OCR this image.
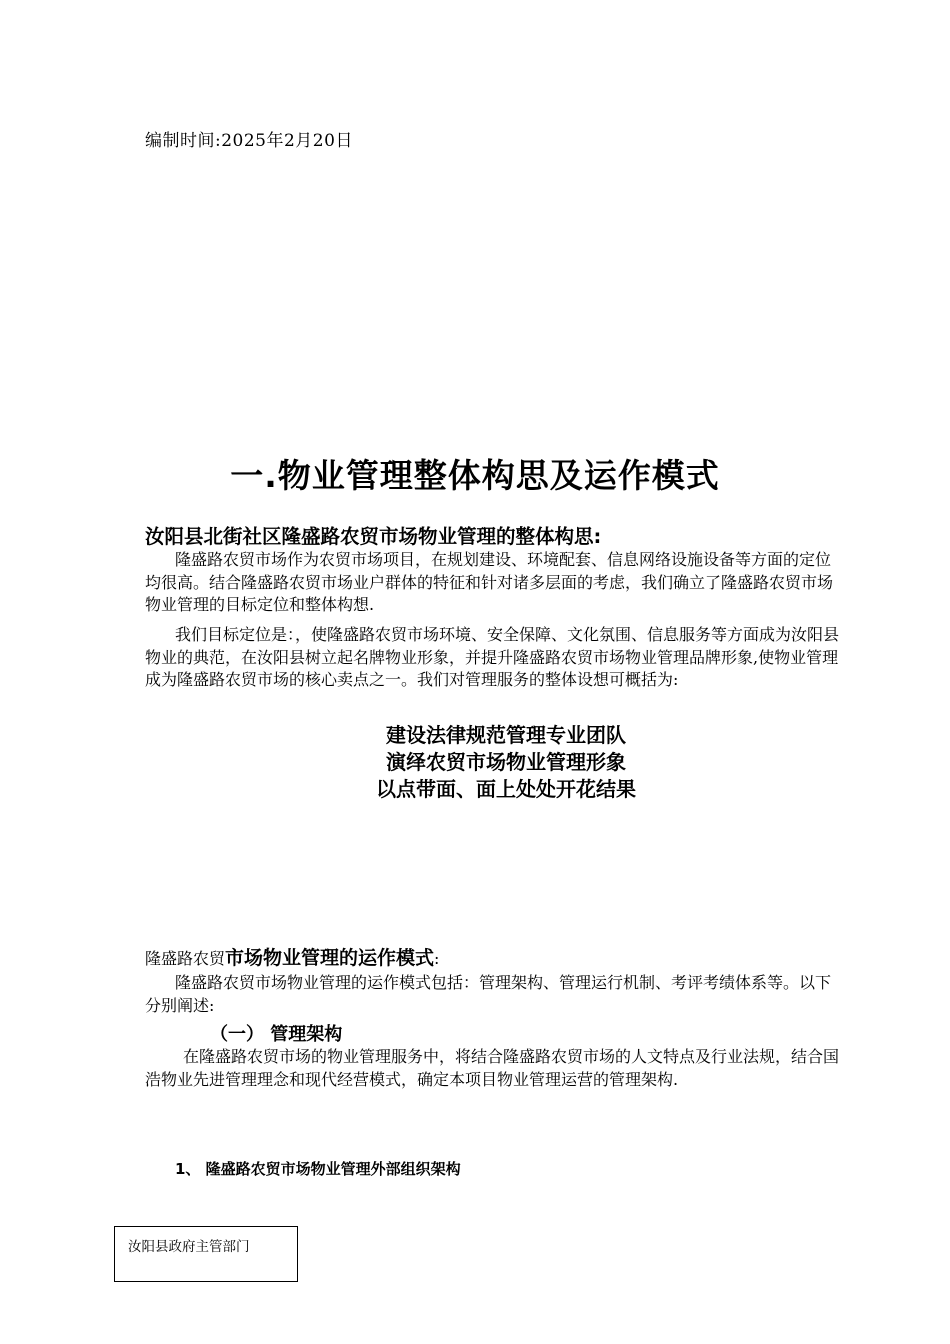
编制时间:2025年2月20日
一.物业管理整体构思及运作模式
汝阳县北街社区隆盛路农贸市场物业管理的整体构思:
隆盛路农贸市场作为农贸市场项目，在规划建设、环境配套、信息网络设施设备等方面的定位均很高。结合隆盛路农贸市场业户群体的特征和针对诸多层面的考虑，我们确立了隆盛路农贸市场物业管理的目标定位和整体构想.
我们目标定位是：，使隆盛路农贸市场环境、安全保障、文化氛围、信息服务等方面成为汝阳县物业的典范，在汝阳县树立起名牌物业形象，并提升隆盛路农贸市场物业管理品牌形象,使物业管理成为隆盛路农贸市场的核心卖点之一。我们对管理服务的整体设想可概括为:
建设法律规范管理专业团队
演绎农贸市场物业管理形象
以点带面、面上处处开花结果
隆盛路农贸市场物业管理的运作模式:
隆盛路农贸市场物业管理的运作模式包括：管理架构、管理运行机制、考评考绩体系等。以下分别阐述:
（一） 管理架构
在隆盛路农贸市场的物业管理服务中，将结合隆盛路农贸市场的人文特点及行业法规，结合国浩物业先进管理理念和现代经营模式，确定本项目物业管理运营的管理架构.
1、 隆盛路农贸市场物业管理外部组织架构
汝阳县政府主管部门
